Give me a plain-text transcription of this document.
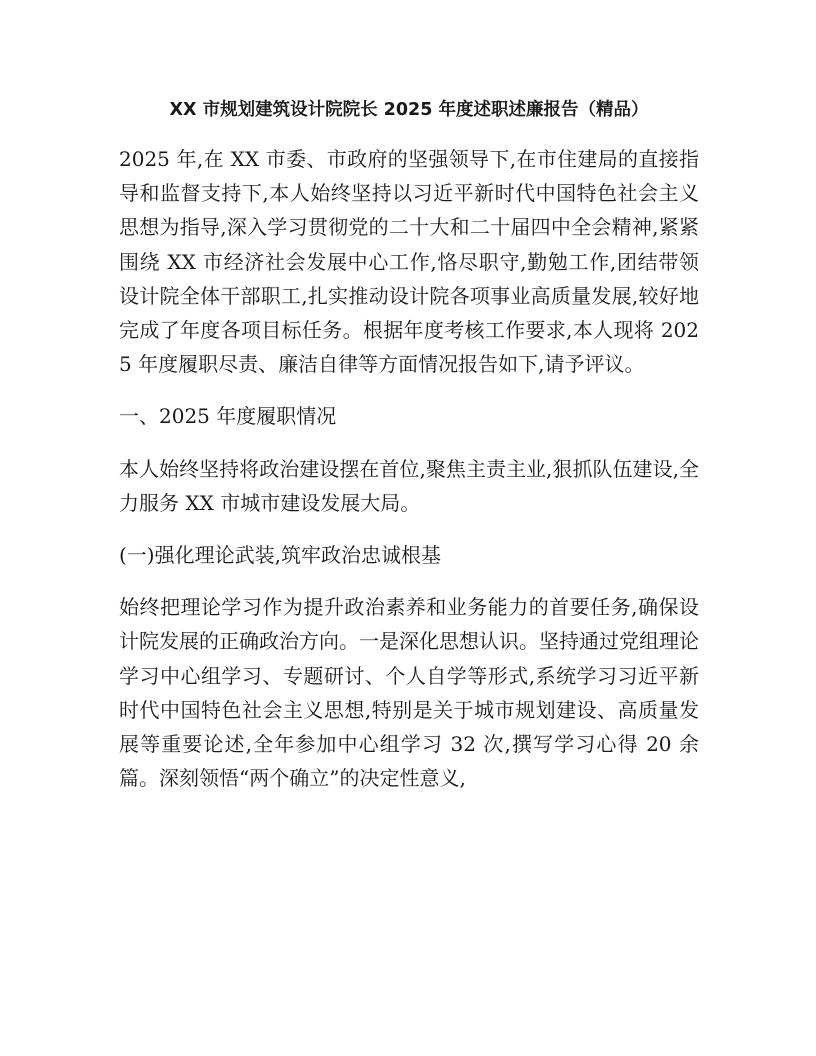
XX 市规划建筑设计院院长 2025 年度述职述廉报告（精品）

2025 年,在 XX 市委、市政府的坚强领导下,在市住建局的直接指导和监督支持下,本人始终坚持以习近平新时代中国特色社会主义思想为指导,深入学习贯彻党的二十大和二十届四中全会精神,紧紧围绕 XX 市经济社会发展中心工作,恪尽职守,勤勉工作,团结带领设计院全体干部职工,扎实推动设计院各项事业高质量发展,较好地完成了年度各项目标任务。根据年度考核工作要求,本人现将 2025 年度履职尽责、廉洁自律等方面情况报告如下,请予评议。

一、2025 年度履职情况

本人始终坚持将政治建设摆在首位,聚焦主责主业,狠抓队伍建设,全力服务 XX 市城市建设发展大局。

(一)强化理论武装,筑牢政治忠诚根基

始终把理论学习作为提升政治素养和业务能力的首要任务,确保设计院发展的正确政治方向。一是深化思想认识。坚持通过党组理论学习中心组学习、专题研讨、个人自学等形式,系统学习习近平新时代中国特色社会主义思想,特别是关于城市规划建设、高质量发展等重要论述,全年参加中心组学习 32 次,撰写学习心得 20 余篇。深刻领悟“两个确立”的决定性意义,
